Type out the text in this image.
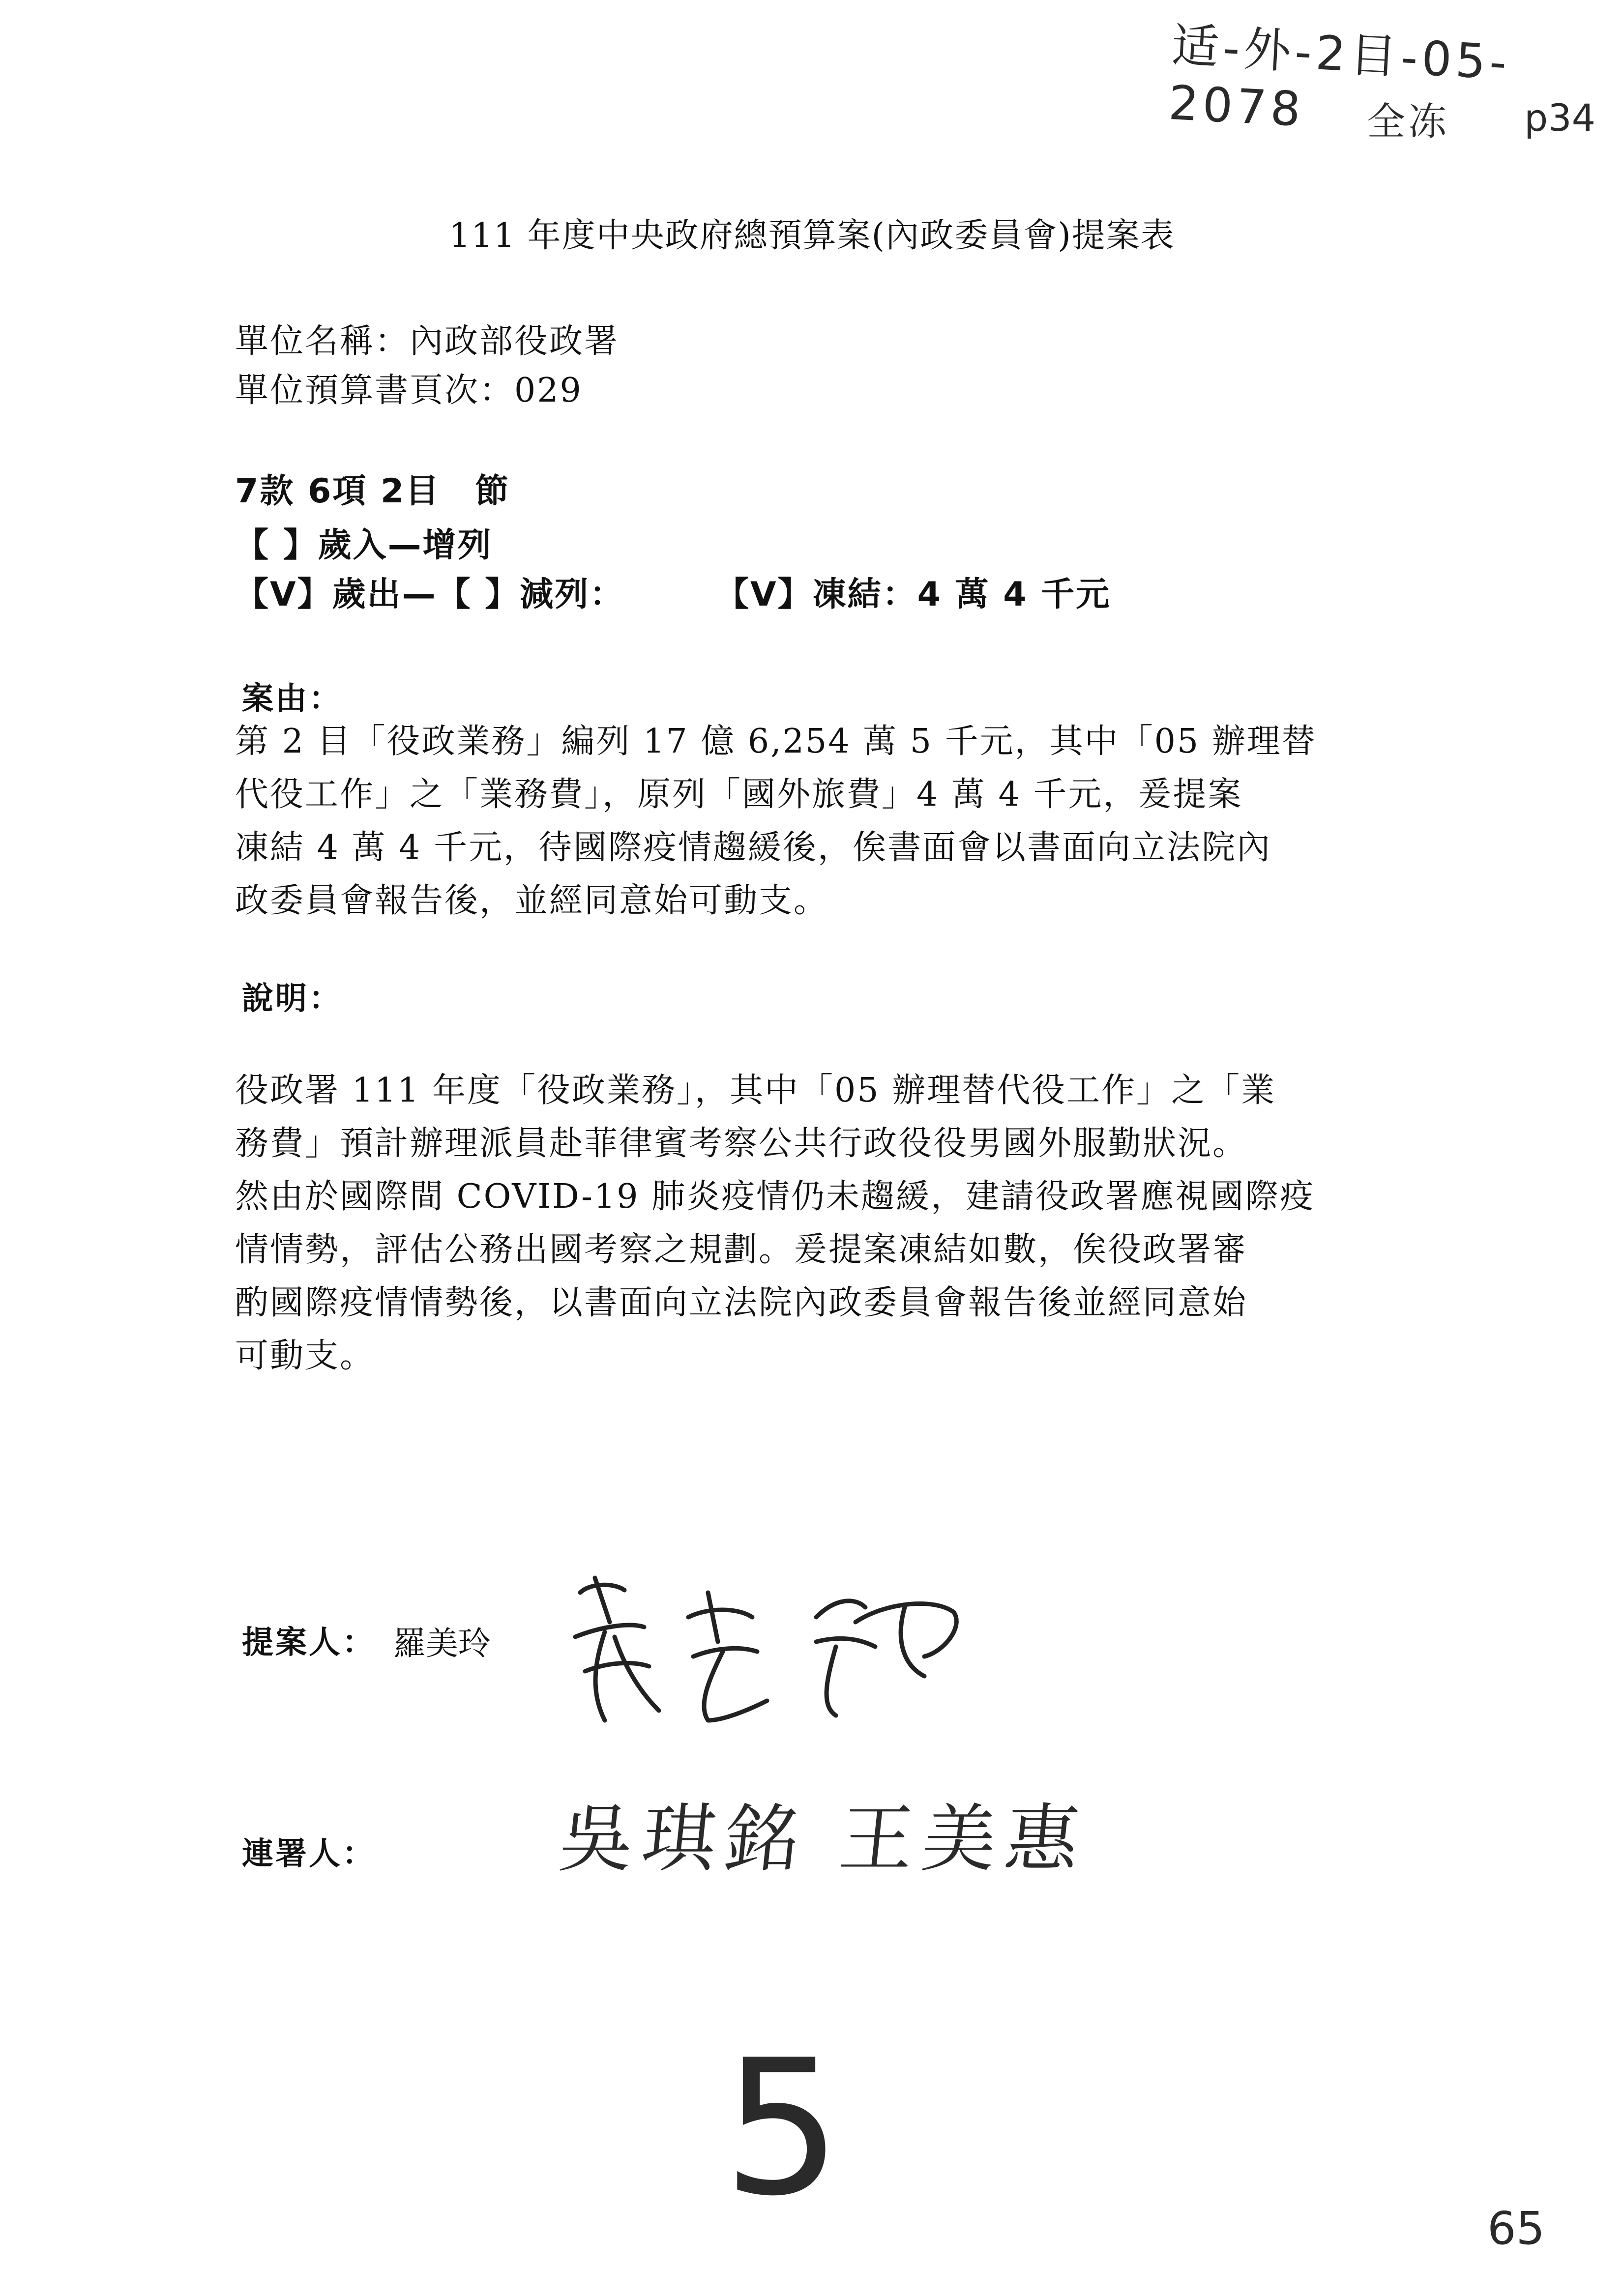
适-外-2目-05-2078	全冻 p34
111 年度中央政府總預算案(內政委員會)提案表
單位名稱：內政部役政署
單位預算書頁次：029
7款 6項 2目　節
【 】歲入—增列
【V】歲出—【 】減列：	【V】凍結：4 萬 4 千元
案由：
第 2 目「役政業務」編列 17 億 6,254 萬 5 千元，其中「05 辦理替
代役工作」之「業務費」，原列「國外旅費」4 萬 4 千元，爰提案
凍結 4 萬 4 千元，待國際疫情趨緩後，俟書面會以書面向立法院內
政委員會報告後，並經同意始可動支。
說明：
役政署 111 年度「役政業務」，其中「05 辦理替代役工作」之「業
務費」預計辦理派員赴菲律賓考察公共行政役役男國外服勤狀況。
然由於國際間 COVID-19 肺炎疫情仍未趨緩，建請役政署應視國際疫
情情勢，評估公務出國考察之規劃。爰提案凍結如數，俟役政署審
酌國際疫情情勢後，以書面向立法院內政委員會報告後並經同意始
可動支。
提案人： 羅美玲
連署人： 吳琪銘 王美惠
5	65
